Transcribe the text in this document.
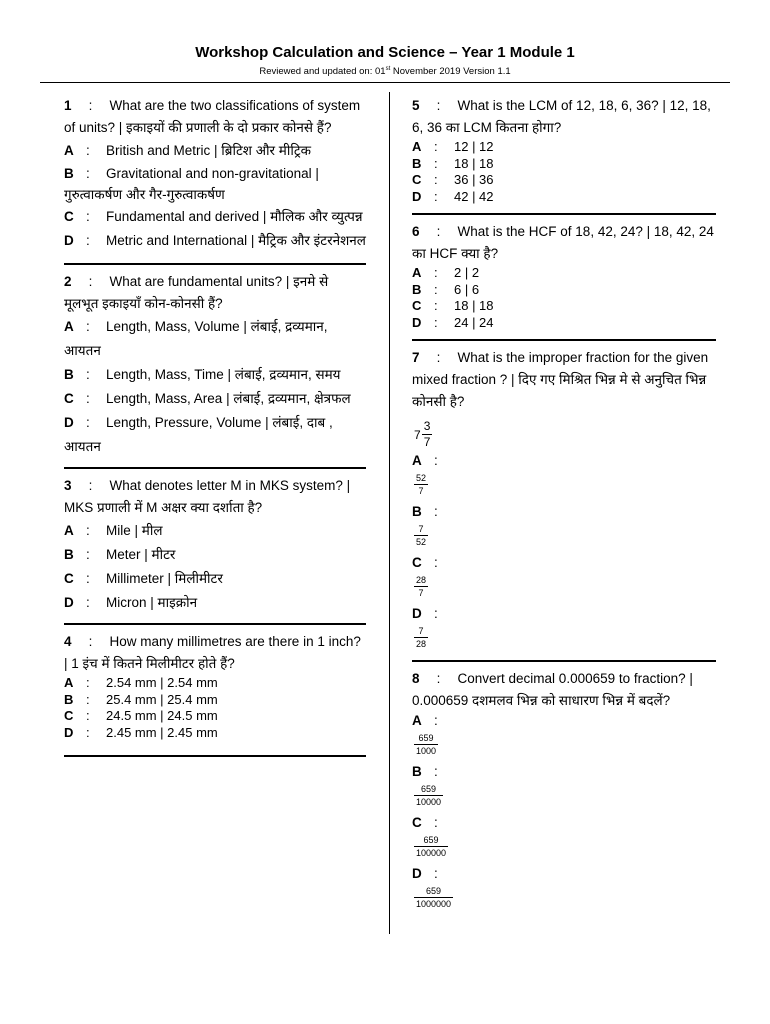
Workshop Calculation and Science – Year 1 Module 1
Reviewed and updated on: 01st November 2019 Version 1.1
1 : What are the two classifications of system of units? | इकाइयों की प्रणाली के दो प्रकार कोनसे हैं?
A : British and Metric | ब्रिटिश और मीट्रिक
B : Gravitational and non-gravitational | गुरुत्वाकर्षण और गैर-गुरुत्वाकर्षण
C : Fundamental and derived | मौलिक और व्युत्पन्न
D : Metric and International | मैट्रिक और इंटरनेशनल
2 : What are fundamental units? | इनमे से मूलभूत इकाइयाँ कोन-कोनसी हैं?
A : Length, Mass, Volume | लंबाई, द्रव्यमान, आयतन
B : Length, Mass, Time | लंबाई, द्रव्यमान, समय
C : Length, Mass, Area | लंबाई, द्रव्यमान, क्षेत्रफल
D : Length, Pressure, Volume | लंबाई, दाब , आयतन
3 : What denotes letter M in MKS system? | MKS प्रणाली में M अक्षर क्या दर्शाता है?
A : Mile | मील
B : Meter | मीटर
C : Millimeter | मिलीमीटर
D : Micron | माइक्रोन
4 : How many millimetres are there in 1 inch? | 1 इंच में कितने मिलीमीटर होते हैं?
A : 2.54 mm | 2.54 mm
B : 25.4 mm | 25.4 mm
C : 24.5 mm | 24.5 mm
D : 2.45 mm | 2.45 mm
5 : What is the LCM of 12, 18, 6, 36? | 12, 18, 6, 36 का LCM कितना होगा?
A : 12 | 12
B : 18 | 18
C : 36 | 36
D : 42 | 42
6 : What is the HCF of 18, 42, 24? | 18, 42, 24 का HCF क्या है?
A : 2 | 2
B : 6 | 6
C : 18 | 18
D : 24 | 24
7 : What is the improper fraction for the given mixed fraction ? | दिए गए मिश्रित भिन्न मे से अनुचित भिन्न कोनसी है?
$7 \frac{3}{7}$
A :
$\frac{52}{7}$
B :
$\frac{7}{52}$
C :
$\frac{28}{7}$
D :
$\frac{7}{28}$
8 : Convert decimal 0.000659 to fraction? | 0.000659 दशमलव भिन्न को साधारण भिन्न में बदलें?
A :
$\frac{659}{1000}$
B :
$\frac{659}{10000}$
C :
$\frac{659}{100000}$
D :
$\frac{659}{1000000}$
